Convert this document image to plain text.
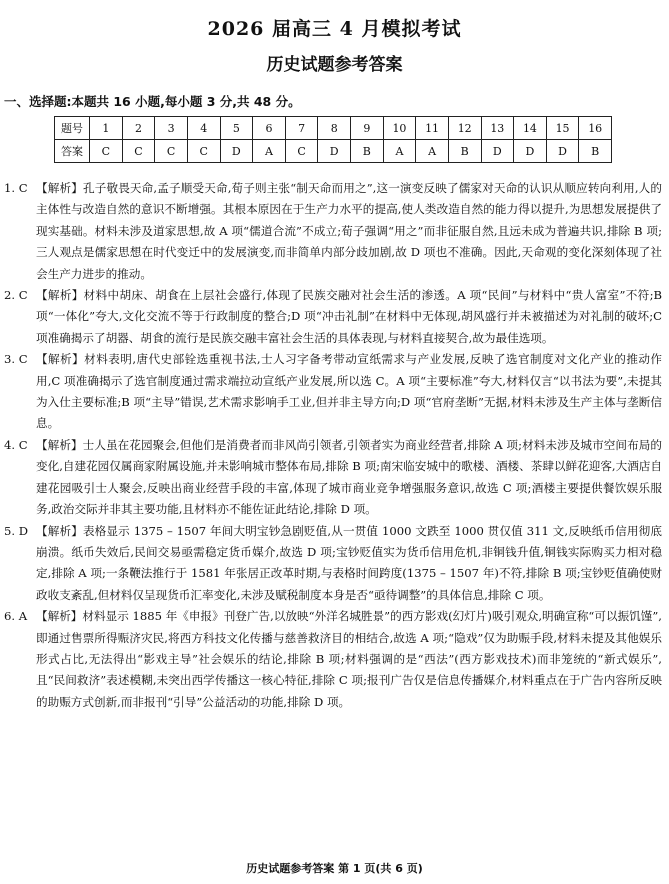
2026 届高三 4 月模拟考试
历史试题参考答案
一、选择题:本题共 16 小题,每小题 3 分,共 48 分。
题号	1	2	3	4	5	6	7	8	9	10	11	12	13	14	15	16
答案	C	C	C	C	D	A	C	D	B	A	A	B	D	D	D	B
1. C 【解析】孔子敬畏天命,孟子顺受天命,荀子则主张“制天命而用之”,这一演变反映了儒家对天命的认识从顺应转向利用,人的主体性与改造自然的意识不断增强。其根本原因在于生产力水平的提高,使人类改造自然的能力得以提升,为思想发展提供了现实基础。材料未涉及道家思想,故 A 项“儒道合流”不成立;荀子强调“用之”而非征服自然,且远未成为普遍共识,排除 B 项;三人观点是儒家思想在时代变迁中的发展演变,而非简单内部分歧加剧,故 D 项也不准确。因此,天命观的变化深刻体现了社会生产力进步的推动。
2. C 【解析】材料中胡床、胡食在上层社会盛行,体现了民族交融对社会生活的渗透。A 项“民间”与材料中“贵人富室”不符;B 项“一体化”夸大,文化交流不等于行政制度的整合;D 项“冲击礼制”在材料中无体现,胡风盛行并未被描述为对礼制的破坏;C 项准确揭示了胡器、胡食的流行是民族交融丰富社会生活的具体表现,与材料直接契合,故为最佳选项。
3. C 【解析】材料表明,唐代史部铨选重视书法,士人习字备考带动宣纸需求与产业发展,反映了选官制度对文化产业的推动作用,C 项准确揭示了选官制度通过需求端拉动宣纸产业发展,所以选 C。A 项“主要标准”夸大,材料仅言“以书法为要”,未提其为入仕主要标准;B 项“主导”错误,艺术需求影响手工业,但并非主导方向;D 项“官府垄断”无据,材料未涉及生产主体与垄断信息。
4. C 【解析】士人虽在花园聚会,但他们是消费者而非风尚引领者,引领者实为商业经营者,排除 A 项;材料未涉及城市空间布局的变化,自建花园仅属商家附属设施,并未影响城市整体布局,排除 B 项;南宋临安城中的歌楼、酒楼、茶肆以鲜花迎客,大酒店自建花园吸引士人聚会,反映出商业经营手段的丰富,体现了城市商业竞争增强服务意识,故选 C 项;酒楼主要提供餐饮娱乐服务,政治交际并非其主要功能,且材料亦不能佐证此结论,排除 D 项。
5. D 【解析】表格显示 1375 – 1507 年间大明宝钞急剧贬值,从一贯值 1000 文跌至 1000 贯仅值 311 文,反映纸币信用彻底崩溃。纸币失效后,民间交易亟需稳定货币媒介,故选 D 项;宝钞贬值实为货币信用危机,非铜钱升值,铜钱实际购买力相对稳定,排除 A 项;一条鞭法推行于 1581 年张居正改革时期,与表格时间跨度(1375 – 1507 年)不符,排除 B 项;宝钞贬值确使财政收支紊乱,但材料仅呈现货币汇率变化,未涉及赋税制度本身是否“亟待调整”的具体信息,排除 C 项。
6. A 【解析】材料显示 1885 年《申报》刊登广告,以放映“外洋名城胜景”的西方影戏(幻灯片)吸引观众,明确宣称“可以振饥馑”,即通过售票所得赈济灾民,将西方科技文化传播与慈善救济目的相结合,故选 A 项;“隐戏”仅为助赈手段,材料未提及其他娱乐形式占比,无法得出“影戏主导”社会娱乐的结论,排除 B 项;材料强调的是“西法”(西方影戏技术)而非笼统的“新式娱乐”,且“民间救济”表述模糊,未突出西学传播这一核心特征,排除 C 项;报刊广告仅是信息传播媒介,材料重点在于广告内容所反映的助赈方式创新,而非报刊“引导”公益活动的功能,排除 D 项。
历史试题参考答案 第 1 页(共 6 页)
